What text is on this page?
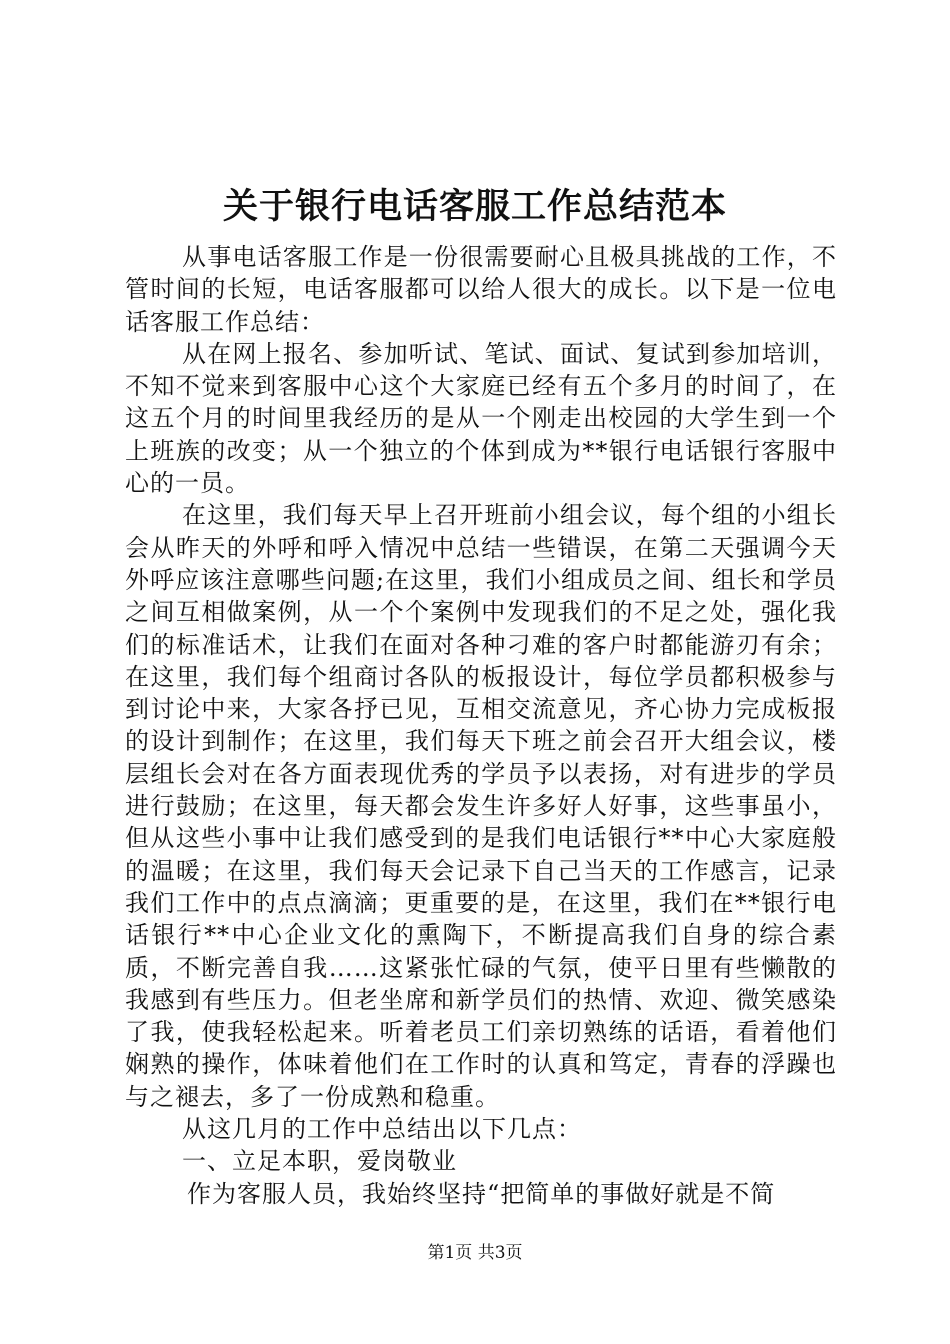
关于银行电话客服工作总结范本

从事电话客服工作是一份很需要耐心且极具挑战的工作，不管时间的长短，电话客服都可以给人很大的成长。以下是一位电话客服工作总结：

从在网上报名、参加听试、笔试、面试、复试到参加培训，不知不觉来到客服中心这个大家庭已经有五个多月的时间了，在这五个月的时间里我经历的是从一个刚走出校园的大学生到一个上班族的改变；从一个独立的个体到成为**银行电话银行客服中心的一员。

在这里，我们每天早上召开班前小组会议，每个组的小组长会从昨天的外呼和呼入情况中总结一些错误，在第二天强调今天外呼应该注意哪些问题;在这里，我们小组成员之间、组长和学员之间互相做案例，从一个个案例中发现我们的不足之处，强化我们的标准话术，让我们在面对各种刁难的客户时都能游刃有余；在这里，我们每个组商讨各队的板报设计，每位学员都积极参与到讨论中来，大家各抒已见，互相交流意见，齐心协力完成板报的设计到制作；在这里，我们每天下班之前会召开大组会议，楼层组长会对在各方面表现优秀的学员予以表扬，对有进步的学员进行鼓励；在这里，每天都会发生许多好人好事，这些事虽小，但从这些小事中让我们感受到的是我们电话银行**中心大家庭般的温暖；在这里，我们每天会记录下自己当天的工作感言，记录我们工作中的点点滴滴；更重要的是，在这里，我们在**银行电话银行**中心企业文化的熏陶下，不断提高我们自身的综合素质，不断完善自我……这紧张忙碌的气氛，使平日里有些懒散的我感到有些压力。但老坐席和新学员们的热情、欢迎、微笑感染了我，使我轻松起来。听着老员工们亲切熟练的话语，看着他们娴熟的操作，体味着他们在工作时的认真和笃定，青春的浮躁也与之褪去，多了一份成熟和稳重。

从这几月的工作中总结出以下几点：

一、立足本职，爱岗敬业

作为客服人员，我始终坚持“把简单的事做好就是不简

第1页 共3页
